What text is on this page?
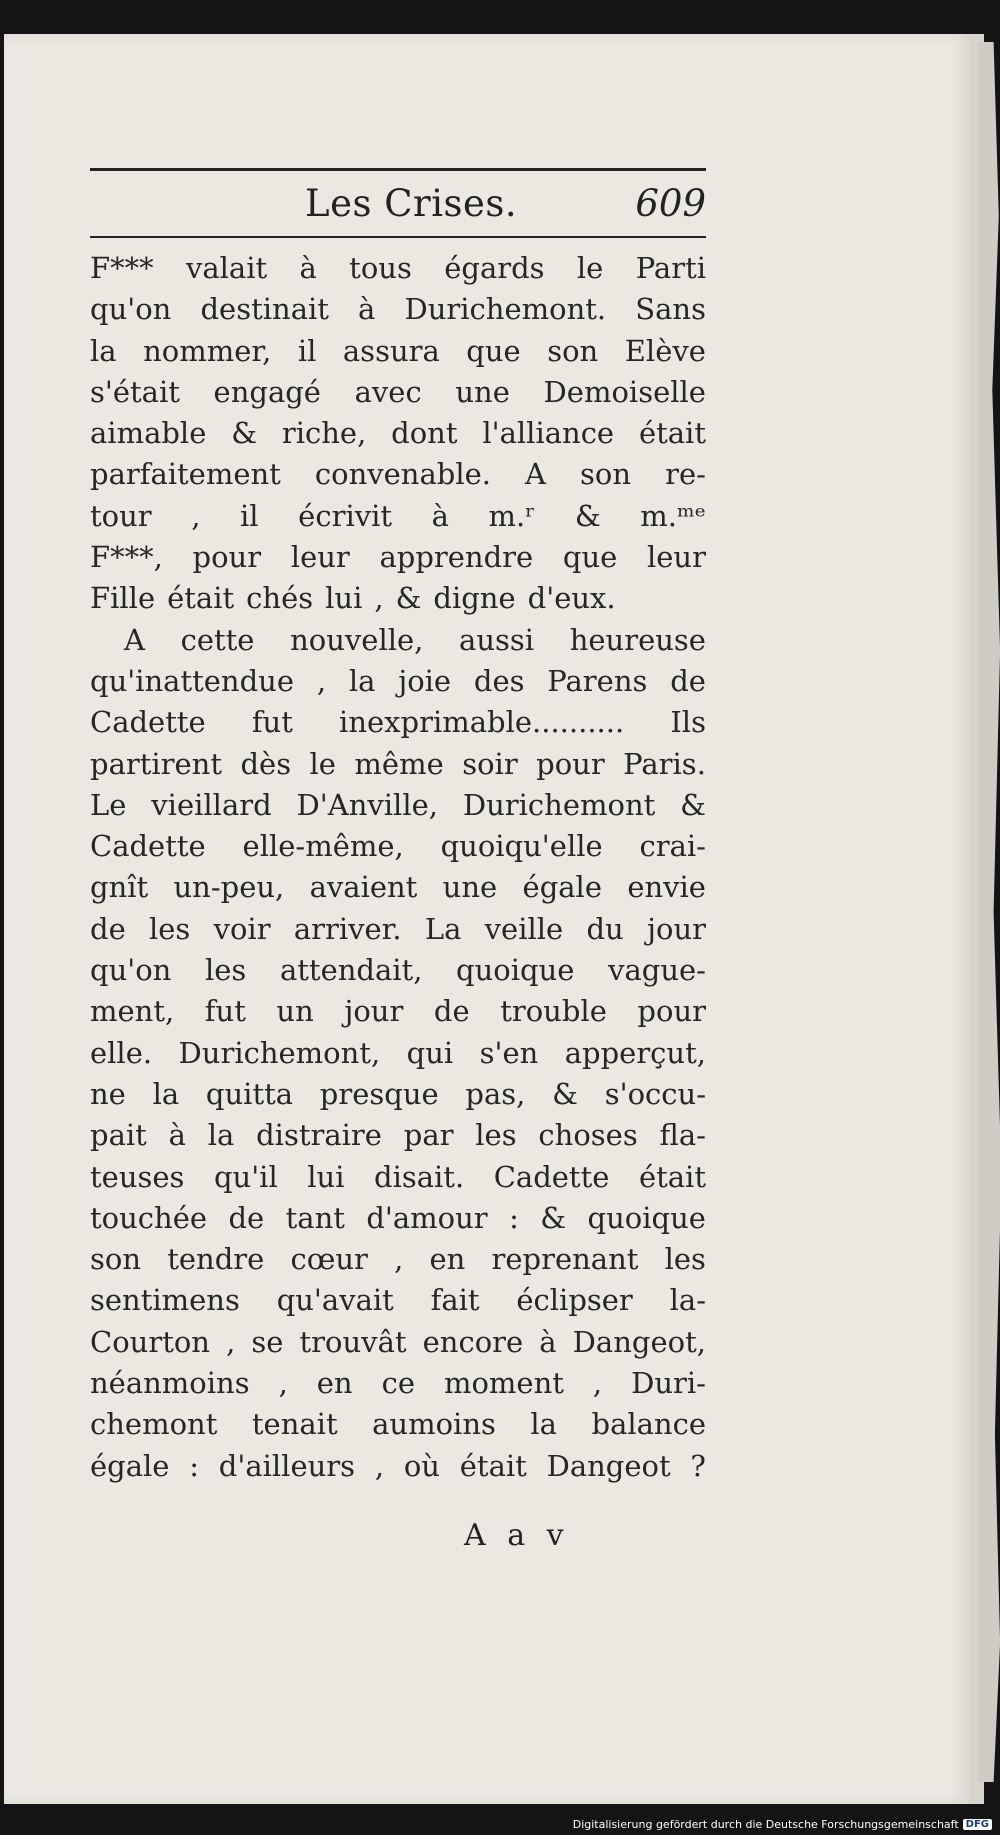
Les Crises.	609
F*** valait à tous égards le Parti
qu'on destinait à Durichemont. Sans
la nommer, il assura que son Elève
s'était engagé avec une Demoiselle
aimable & riche, dont l'alliance était
parfaitement convenable. A son re-
tour , il écrivit à m.ʳ & m.ᵐᵉ
F***, pour leur apprendre que leur
Fille était chés lui , & digne d'eux.
A cette nouvelle, aussi heureuse
qu'inattendue , la joie des Parens de
Cadette fut inexprimable.......... Ils
partirent dès le même soir pour Paris.
Le vieillard D'Anville, Durichemont &
Cadette elle-même, quoiqu'elle crai-
gnît un-peu, avaient une égale envie
de les voir arriver. La veille du jour
qu'on les attendait, quoique vague-
ment, fut un jour de trouble pour
elle. Durichemont, qui s'en apperçut,
ne la quitta presque pas, & s'occu-
pait à la distraire par les choses fla-
teuses qu'il lui disait. Cadette était
touchée de tant d'amour : & quoique
son tendre cœur , en reprenant les
sentimens qu'avait fait éclipser la-
Courton , se trouvât encore à Dangeot,
néanmoins , en ce moment , Duri-
chemont tenait aumoins la balance
égale : d'ailleurs , où était Dangeot ?
A a v
Digitalisierung gefördert durch die Deutsche Forschungsgemeinschaft DFG
